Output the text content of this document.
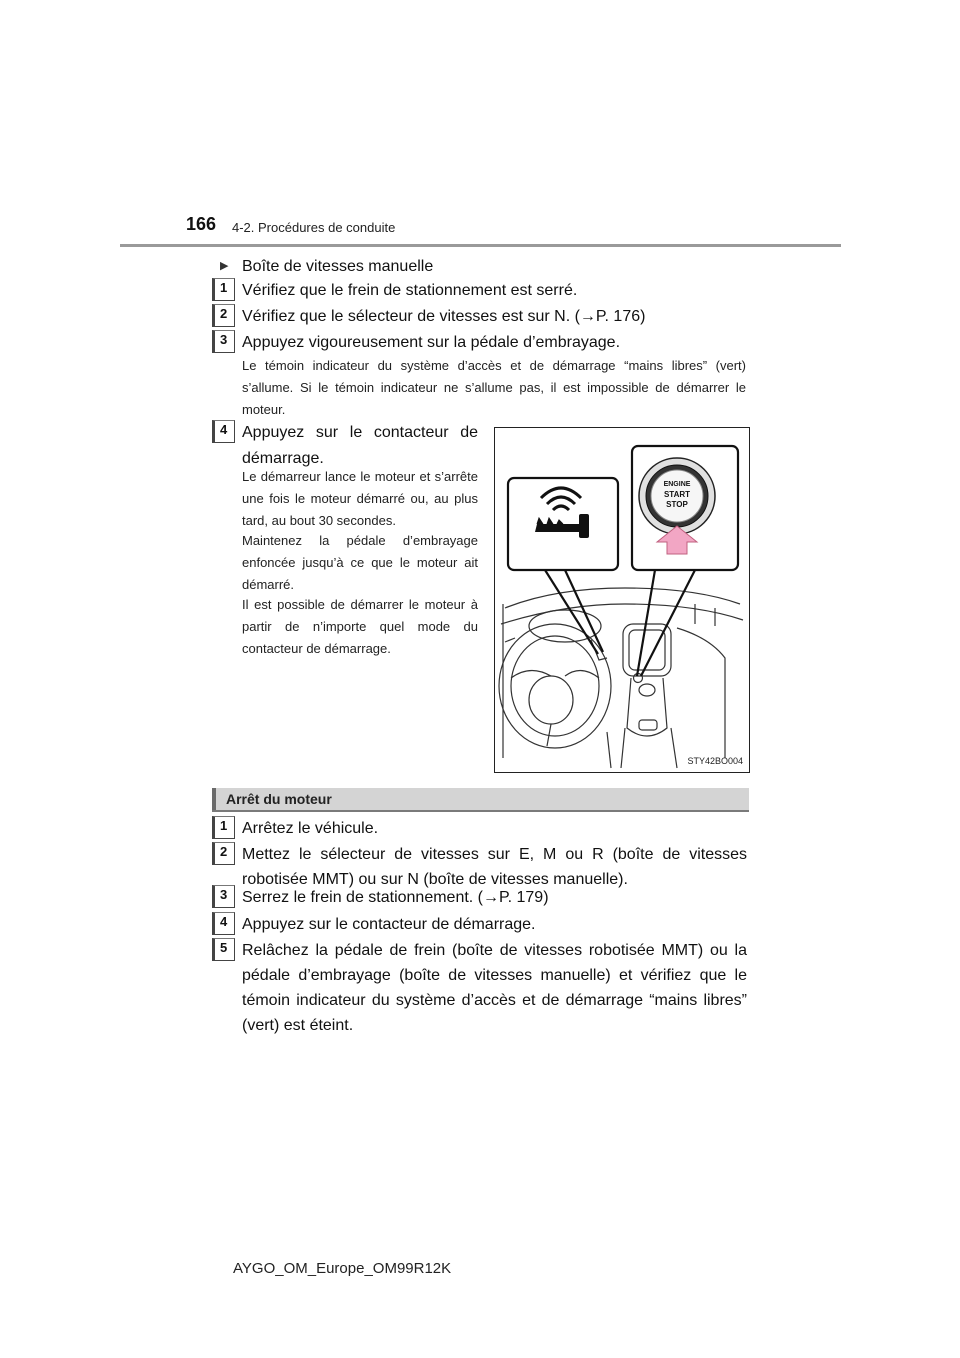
166 4-2. Procédures de conduite
▶ Boîte de vitesses manuelle
1 Vérifiez que le frein de stationnement est serré.
2 Vérifiez que le sélecteur de vitesses est sur N. (→P. 176)
3 Appuyez vigoureusement sur la pédale d’embrayage.
Le témoin indicateur du système d’accès et de démarrage “mains libres” (vert) s’allume. Si le témoin indicateur ne s’allume pas, il est impossible de démarrer le moteur.
4 Appuyez sur le contacteur de démarrage.
Le démarreur lance le moteur et s’arrête une fois le moteur démarré ou, au plus tard, au bout 30 secondes.
Maintenez la pédale d’embrayage enfoncée jusqu’à ce que le moteur ait démarré.
Il est possible de démarrer le moteur à partir de n’importe quel mode du contacteur de démarrage.
ENGINE
START
STOP
STY42BO004
Arrêt du moteur
1 Arrêtez le véhicule.
2 Mettez le sélecteur de vitesses sur E, M ou R (boîte de vitesses robotisée MMT) ou sur N (boîte de vitesses manuelle).
3 Serrez le frein de stationnement. (→P. 179)
4 Appuyez sur le contacteur de démarrage.
5 Relâchez la pédale de frein (boîte de vitesses robotisée MMT) ou la pédale d’embrayage (boîte de vitesses manuelle) et vérifiez que le témoin indicateur du système d’accès et de démarrage “mains libres” (vert) est éteint.
AYGO_OM_Europe_OM99R12K
